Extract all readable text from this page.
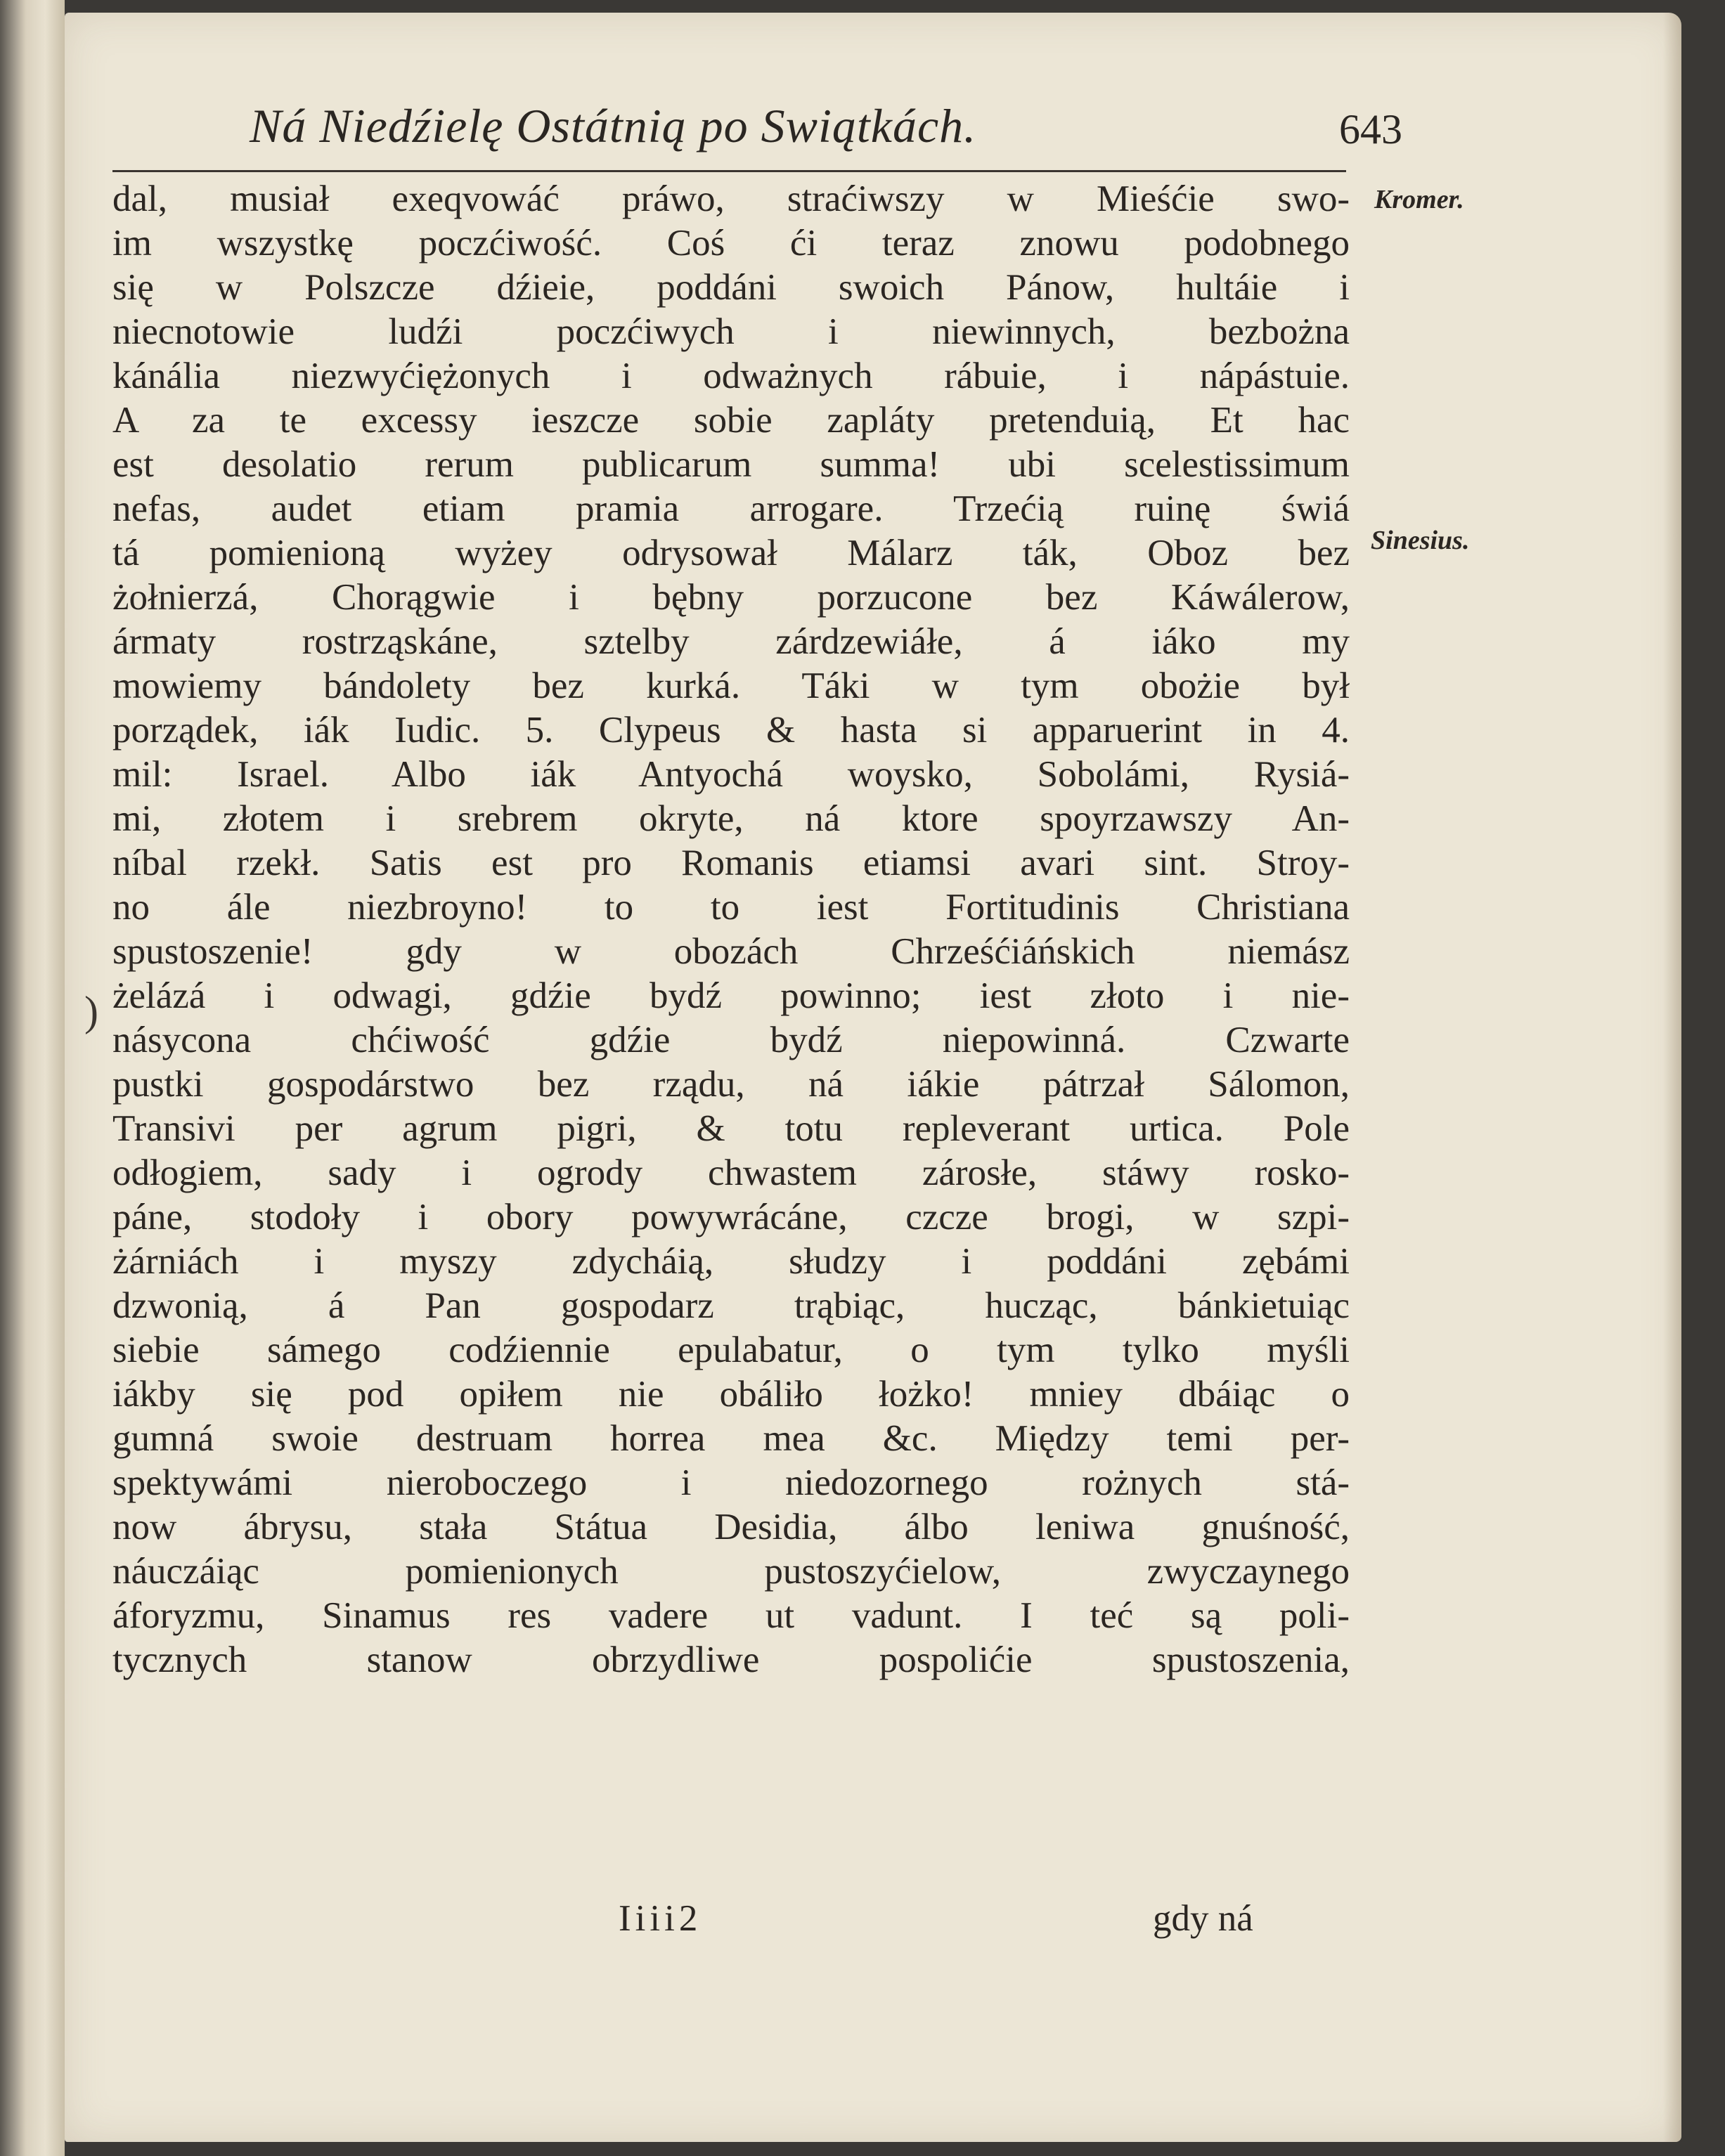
Ná Niedźielę Ostátnią po Swiątkách.	643
Kromer.
Sinesius.
)
dal, musiał exeqvowáć práwo, straćiwszy w Mieśćie swo-
im wszystkę poczćiwość. Coś ći teraz znowu podobnego
się w Polszcze dźieie, poddáni swoich Pánow, hultáie i
niecnotowie ludźi poczćiwych i niewinnych, bezbożna
kánália niezwyćiężonych i odważnych rábuie, i nápástuie.
A za te excessy ieszcze sobie zapláty pretenduią, Et hac
est desolatio rerum publicarum summa! ubi scelestissimum
nefas, audet etiam pramia arrogare. Trzećią ruinę świá
tá pomienioną wyżey odrysował Málarz ták, Oboz bez
żołnierzá, Chorągwie i bębny porzucone bez Káwálerow,
ármaty rostrząskáne, sztelby zárdzewiáłe, á iáko my
mowiemy bándolety bez kurká. Táki w tym obożie był
porządek, iák Iudic. 5. Clypeus & hasta si apparuerint in 4.
mil: Israel. Albo iák Antyochá woysko, Sobolámi, Rysiá-
mi, złotem i srebrem okryte, ná ktore spoyrzawszy An-
níbal rzekł. Satis est pro Romanis etiamsi avari sint. Stroy-
no ále niezbroyno! to to iest Fortitudinis Christiana
spustoszenie! gdy w obozách Chrześćiáńskich niemász
żelázá i odwagi, gdźie bydź powinno; iest złoto i nie-
násycona chćiwość gdźie bydź niepowinná. Czwarte
pustki gospodárstwo bez rządu, ná iákie pátrzał Sálomon,
Transivi per agrum pigri, & totu repleverant urtica. Pole
odłogiem, sady i ogrody chwastem zárosłe, stáwy rosko-
páne, stodoły i obory powywrácáne, czcze brogi, w szpi-
żárniách i myszy zdycháią, słudzy i poddáni zębámi
dzwonią, á Pan gospodarz trąbiąc, hucząc, bánkietuiąc
siebie sámego codźiennie epulabatur, o tym tylko myśli
iákby się pod opiłem nie obáliło łożko! mniey dbáiąc o
gumná swoie destruam horrea mea &c. Między temi per-
spektywámi nieroboczego i niedozornego rożnych stá-
now ábrysu, stała Státua Desidia, álbo leniwa gnuśność,
náuczáiąc pomienionych pustoszyćielow, zwyczaynego
áforyzmu, Sinamus res vadere ut vadunt. I teć są poli-
tycznych stanow obrzydliwe pospolićie spustoszenia,
Iiii2	gdy ná
